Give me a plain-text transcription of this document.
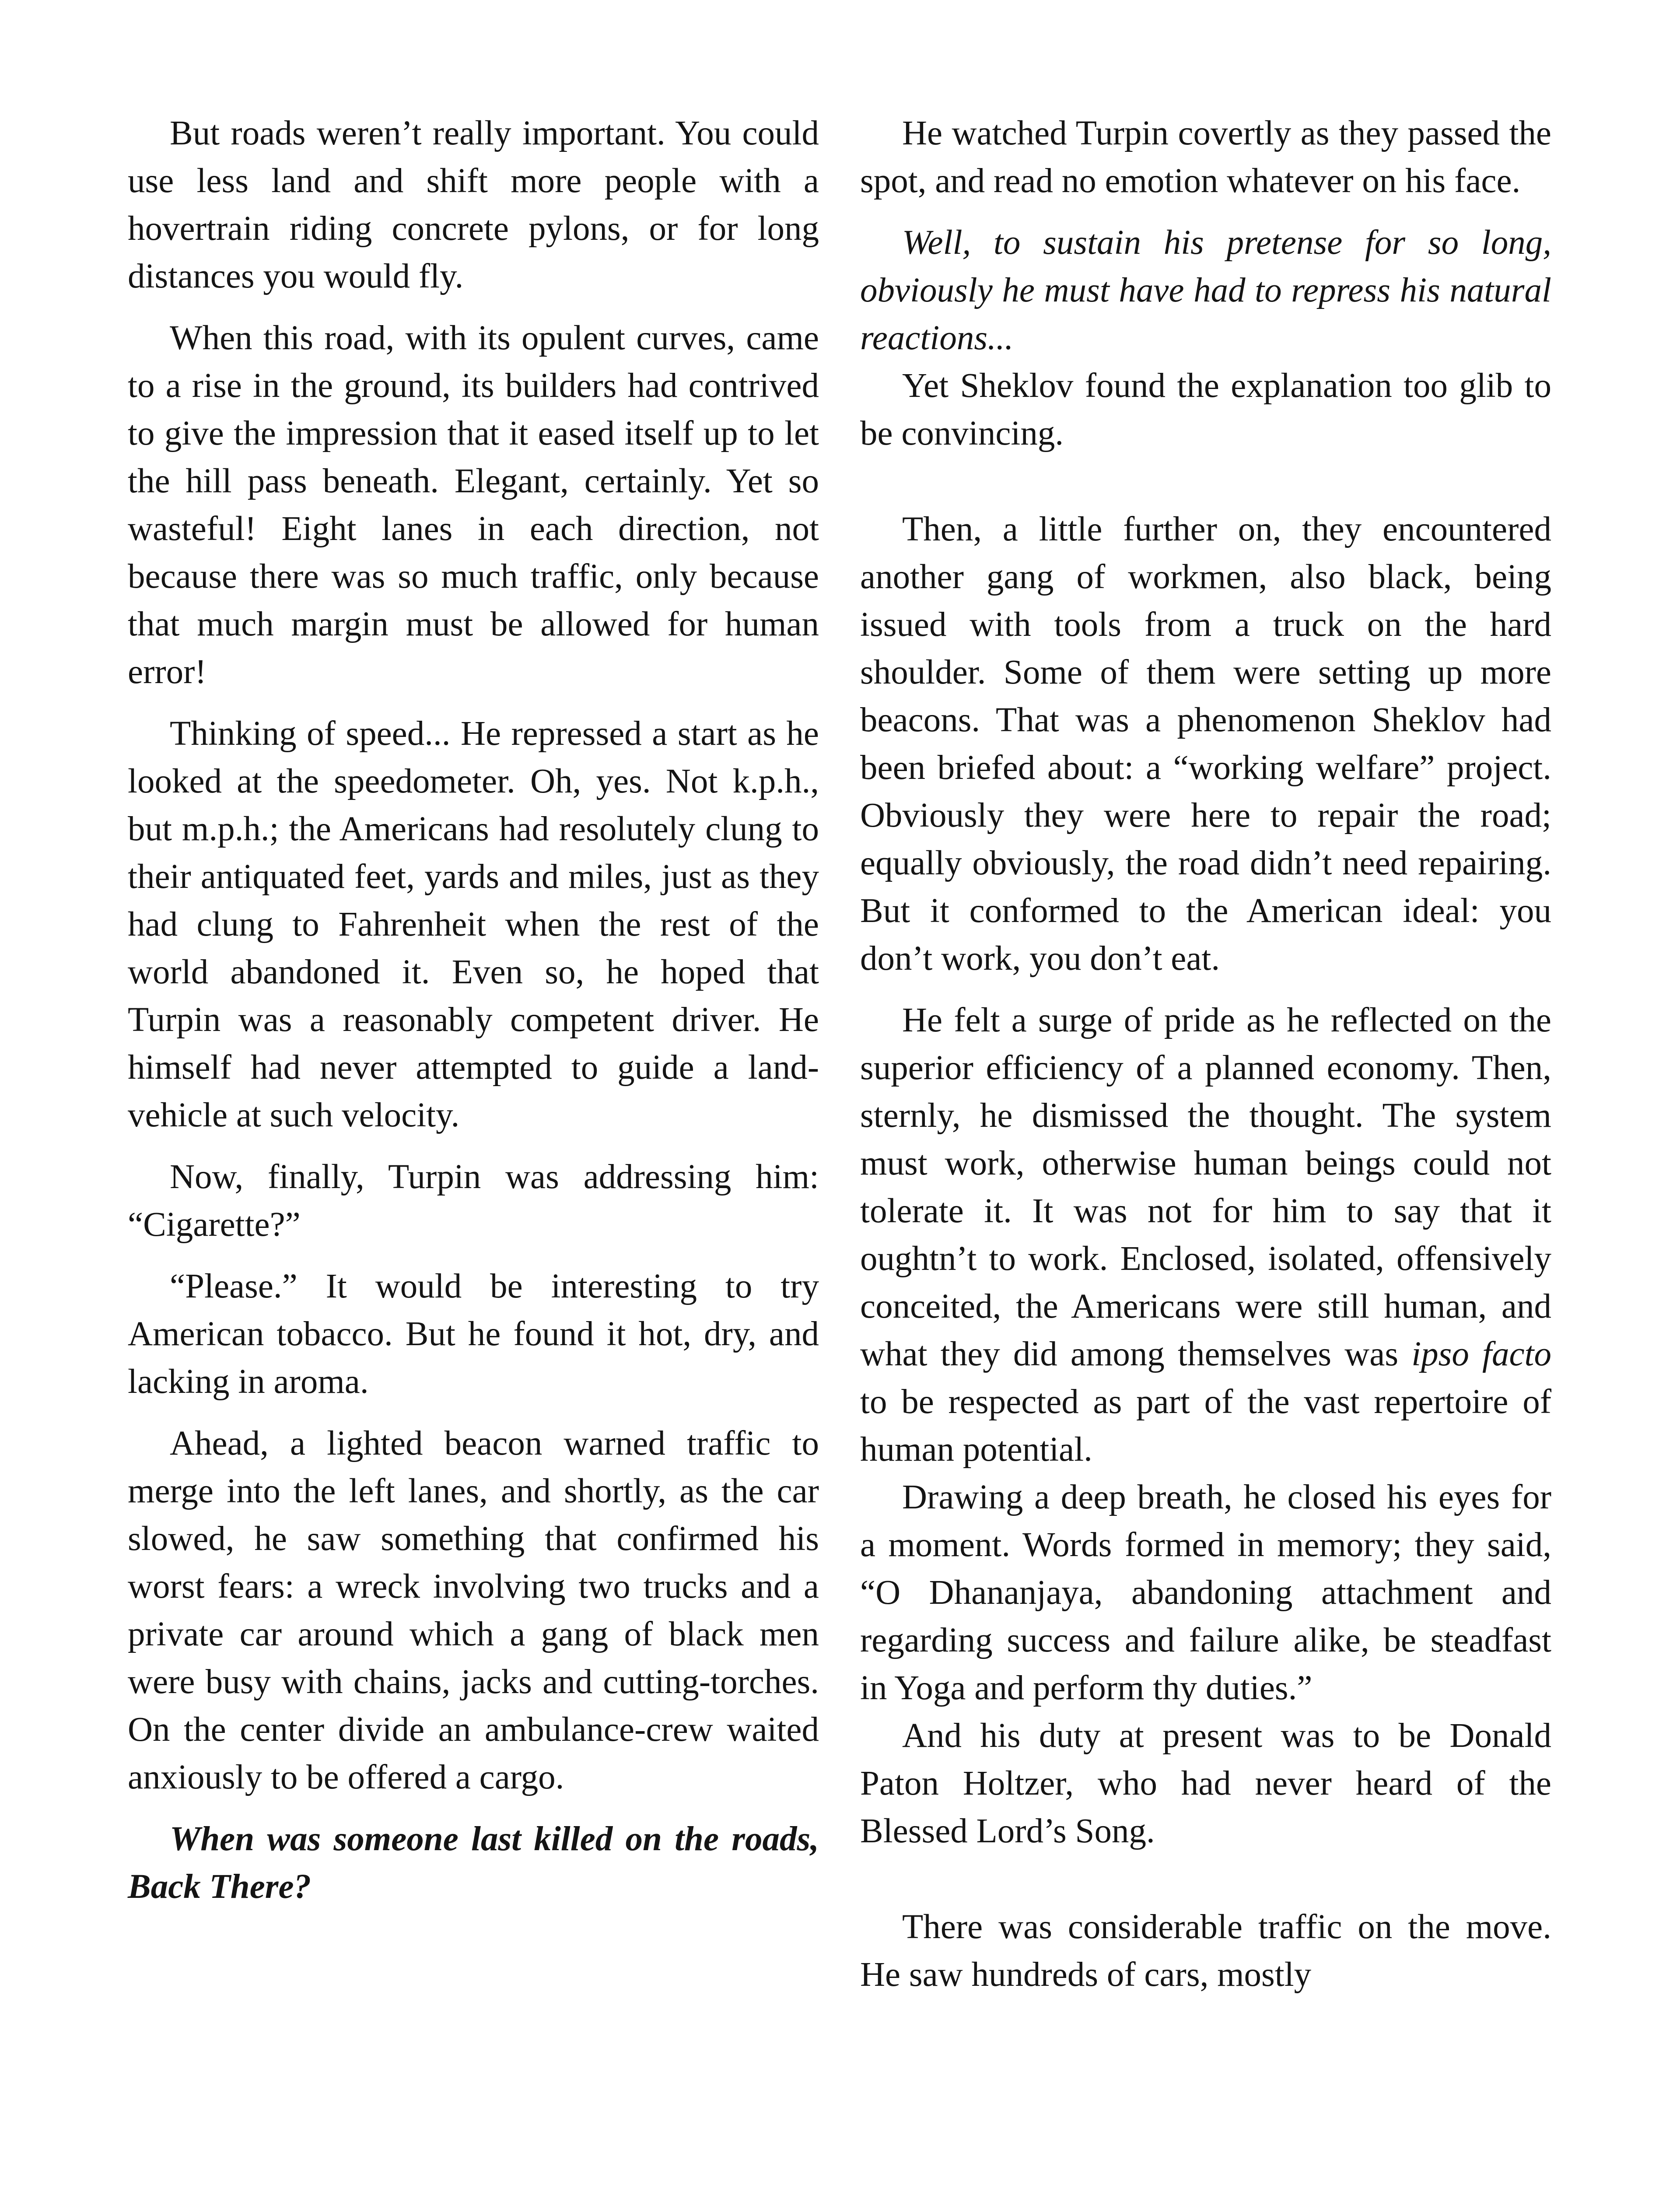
But roads weren’t really important. You could use less land and shift more people with a hovertrain riding concrete pylons, or for long distances you would fly.

When this road, with its opulent curves, came to a rise in the ground, its builders had contrived to give the impression that it eased itself up to let the hill pass beneath. Elegant, certainly. Yet so wasteful! Eight lanes in each direction, not because there was so much traffic, only because that much margin must be allowed for human error!

Thinking of speed... He repressed a start as he looked at the speedometer. Oh, yes. Not k.p.h., but m.p.h.; the Americans had resolutely clung to their antiquated feet, yards and miles, just as they had clung to Fahrenheit when the rest of the world abandoned it. Even so, he hoped that Turpin was a reasonably competent driver. He himself had never attempted to guide a land-vehicle at such velocity.

Now, finally, Turpin was addressing him: “Cigarette?”

“Please.” It would be interesting to try American tobacco. But he found it hot, dry, and lacking in aroma.

Ahead, a lighted beacon warned traffic to merge into the left lanes, and shortly, as the car slowed, he saw something that confirmed his worst fears: a wreck involving two trucks and a private car around which a gang of black men were busy with chains, jacks and cutting-torches. On the center divide an ambulance-crew waited anxiously to be offered a cargo.

When was someone last killed on the roads, Back There?

He watched Turpin covertly as they passed the spot, and read no emotion whatever on his face.

Well, to sustain his pretense for so long, obviously he must have had to repress his natural reactions...

Yet Sheklov found the explanation too glib to be convincing.

Then, a little further on, they encountered another gang of workmen, also black, being issued with tools from a truck on the hard shoulder. Some of them were setting up more beacons. That was a phenomenon Sheklov had been briefed about: a “working welfare” project. Obviously they were here to repair the road; equally obviously, the road didn’t need repairing. But it conformed to the American ideal: you don’t work, you don’t eat.

He felt a surge of pride as he reflected on the superior efficiency of a planned economy. Then, sternly, he dismissed the thought. The system must work, otherwise human beings could not tolerate it. It was not for him to say that it oughtn’t to work. Enclosed, isolated, offensively conceited, the Americans were still human, and what they did among themselves was ipso facto to be respected as part of the vast repertoire of human potential.

Drawing a deep breath, he closed his eyes for a moment. Words formed in memory; they said, “O Dhananjaya, abandoning attachment and regarding success and failure alike, be steadfast in Yoga and perform thy duties.”

And his duty at present was to be Donald Paton Holtzer, who had never heard of the Blessed Lord’s Song.

There was considerable traffic on the move. He saw hundreds of cars, mostly
